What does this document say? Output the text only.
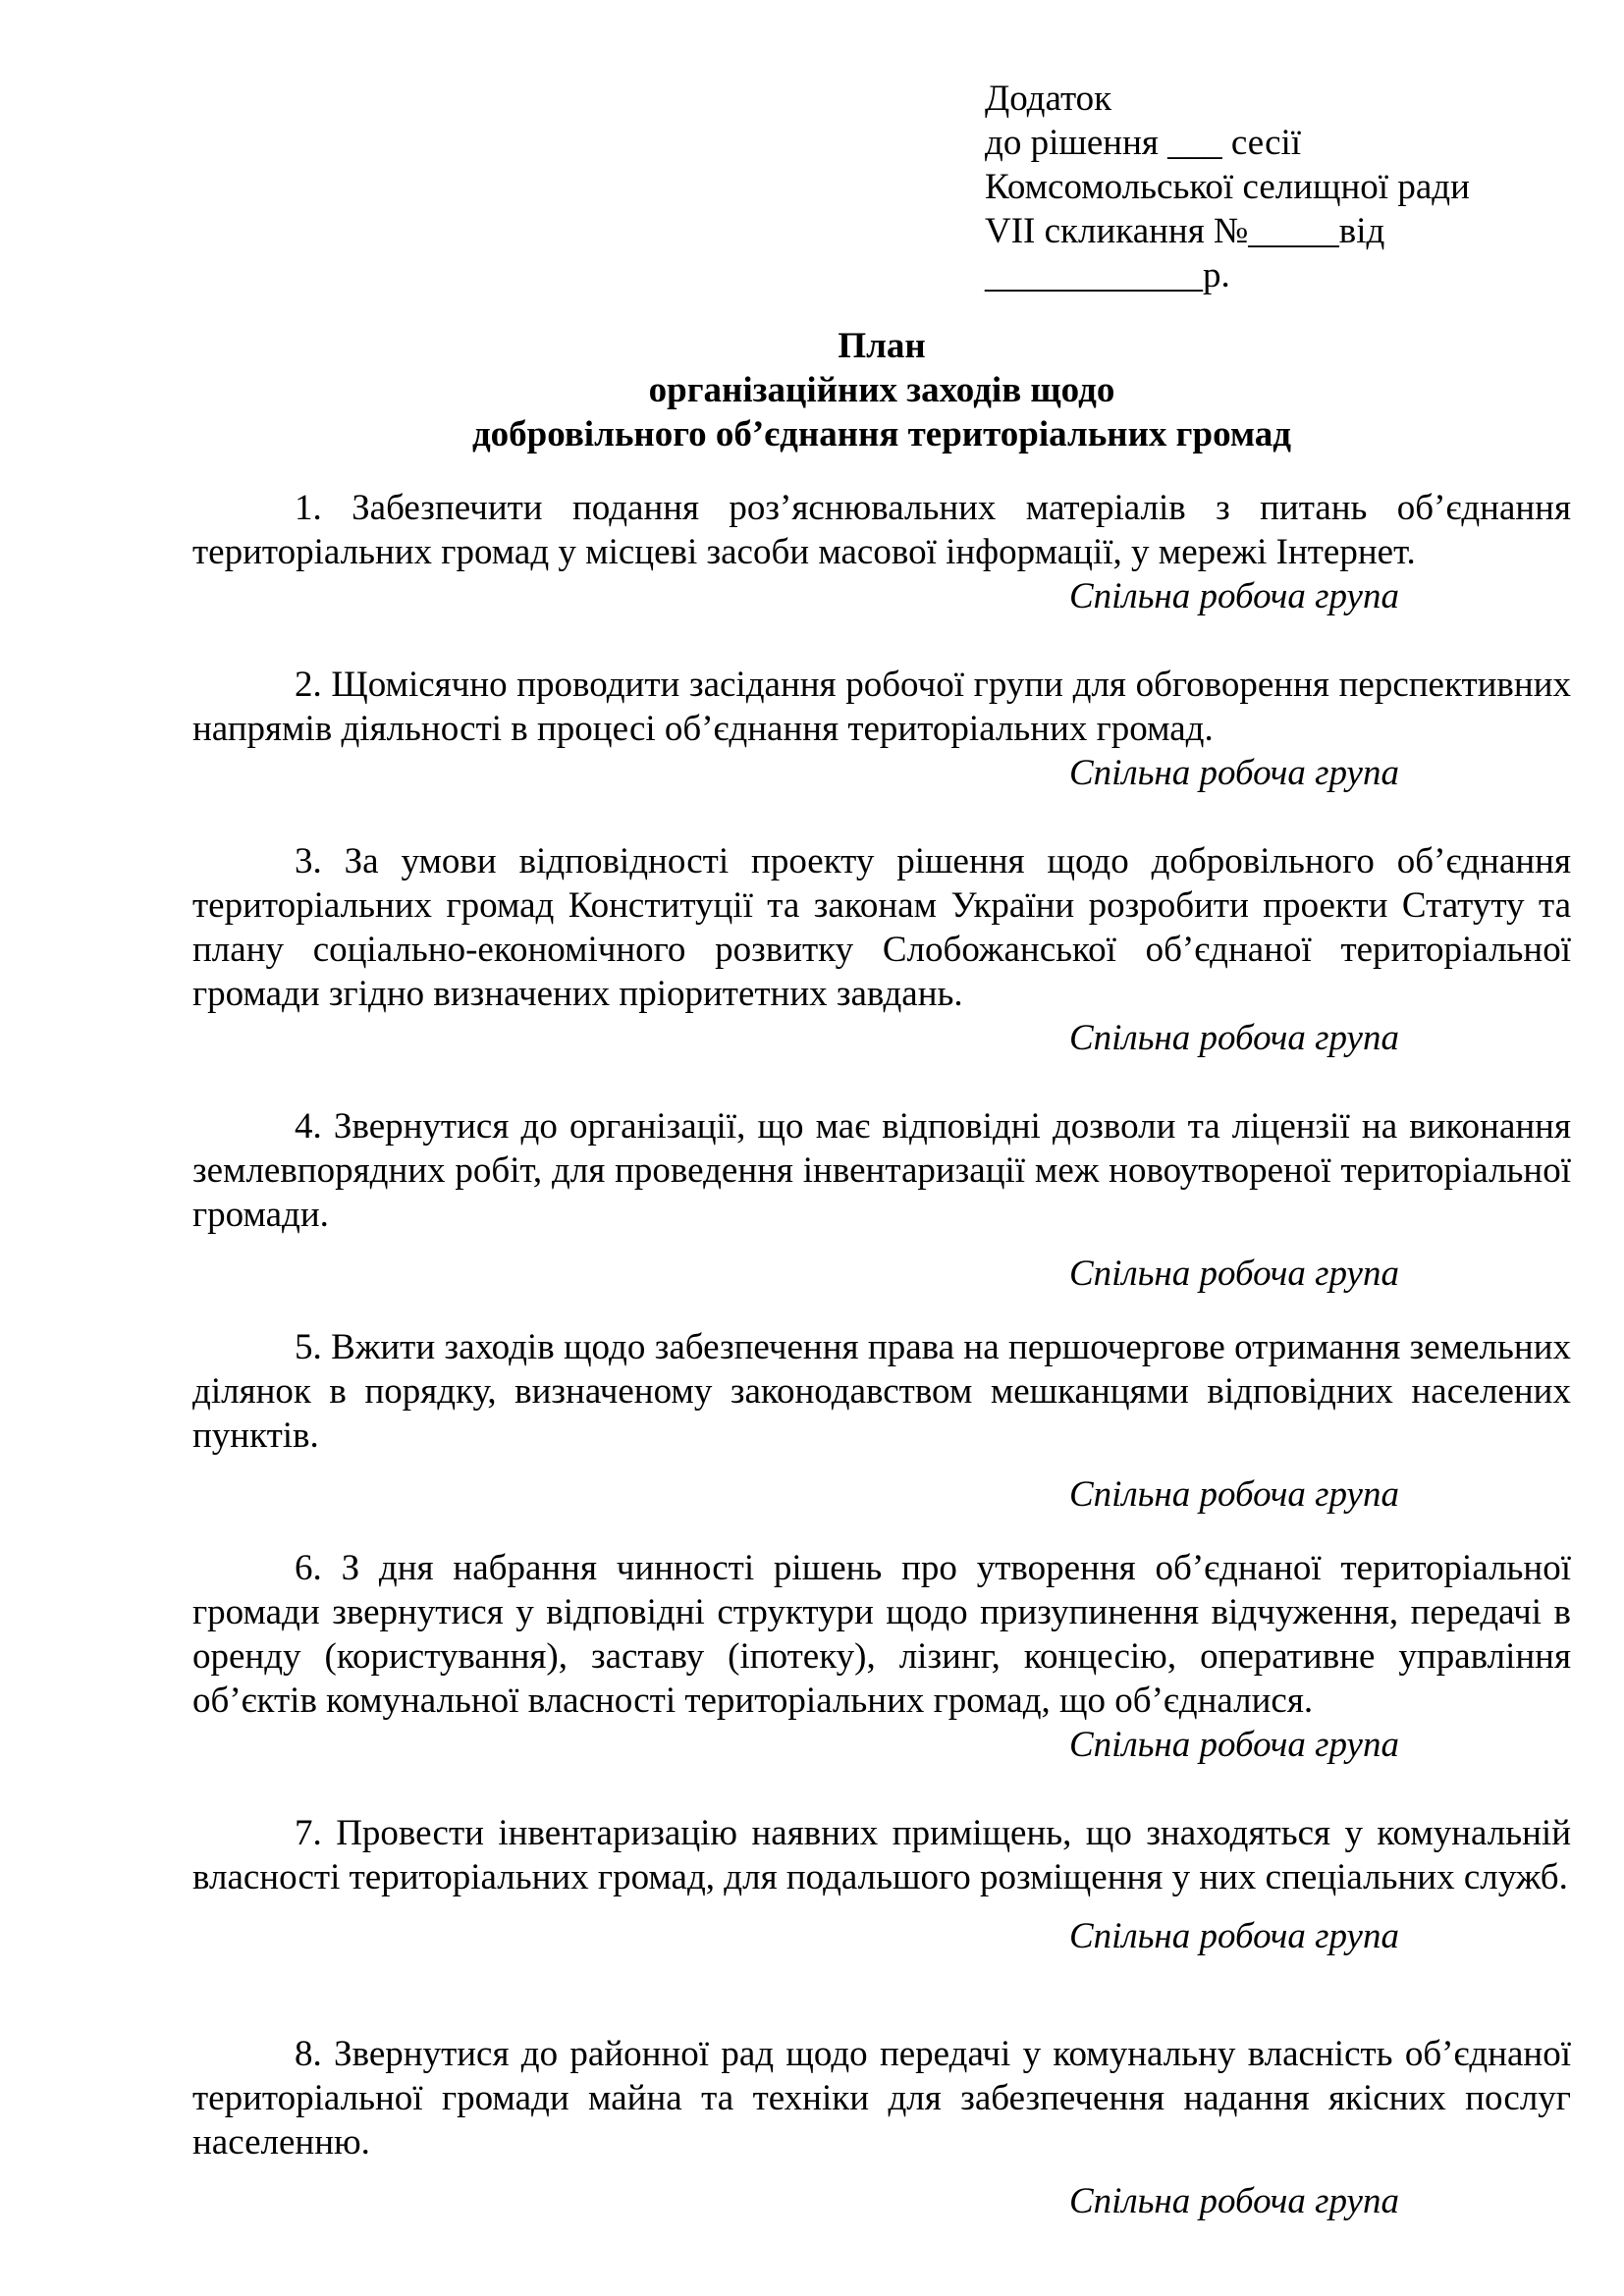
Додаток
до рішення ___ сесії
Комсомольської селищної ради
VII скликання №_____від
____________р.
План
організаційних заходів щодо
добровільного об’єднання територіальних громад

1. Забезпечити подання роз’яснювальних матеріалів з питань об’єднання територіальних громад у місцеві засоби масової інформації, у мережі Інтернет.

Спільна робоча група

2. Щомісячно проводити засідання робочої групи для обговорення перспективних напрямів діяльності в процесі об’єднання територіальних громад.

Спільна робоча група

3. За умови відповідності проекту рішення щодо добровільного об’єднання територіальних громад Конституції та законам України розробити проекти Статуту та плану соціально-економічного розвитку Слобожанської об’єднаної територіальної громади згідно визначених пріоритетних завдань.

Спільна робоча група

4. Звернутися до організації, що має відповідні дозволи та ліцензії на виконання землевпорядних робіт, для проведення інвентаризації меж новоутвореної територіальної громади.

Спільна робоча група

5. Вжити заходів щодо забезпечення права на першочергове отримання земельних ділянок в порядку, визначеному законодавством мешканцями відповідних населених пунктів.

Спільна робоча група

6. З дня набрання чинності рішень про утворення об’єднаної територіальної громади звернутися у відповідні структури щодо призупинення відчуження, передачі в оренду (користування), заставу (іпотеку), лізинг, концесію, оперативне управління об’єктів комунальної власності територіальних громад, що об’єдналися.

Спільна робоча група

7. Провести інвентаризацію наявних приміщень, що знаходяться у комунальній власності територіальних громад, для подальшого розміщення у них спеціальних служб.

Спільна робоча група

8. Звернутися до районної рад щодо передачі у комунальну власність об’єднаної територіальної громади майна та техніки для забезпечення надання якісних послуг населенню.

Спільна робоча група
